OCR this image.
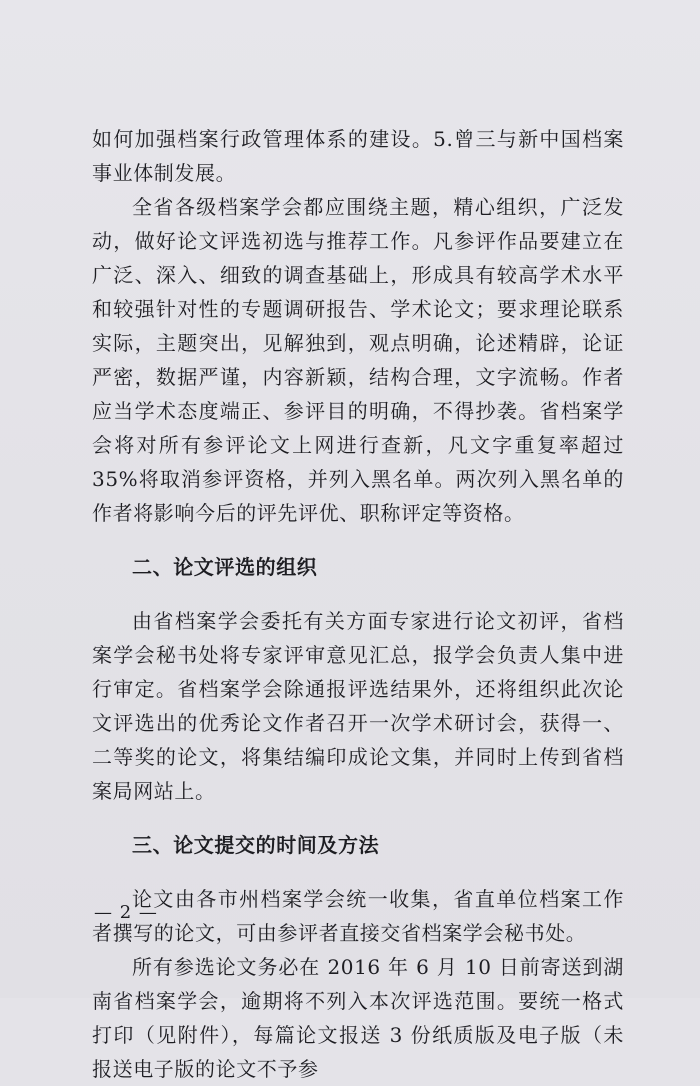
如何加强档案行政管理体系的建设。5.曾三与新中国档案事业体制发展。

全省各级档案学会都应围绕主题，精心组织，广泛发动，做好论文评选初选与推荐工作。凡参评作品要建立在广泛、深入、细致的调查基础上，形成具有较高学术水平和较强针对性的专题调研报告、学术论文；要求理论联系实际，主题突出，见解独到，观点明确，论述精辟，论证严密，数据严谨，内容新颖，结构合理，文字流畅。作者应当学术态度端正、参评目的明确，不得抄袭。省档案学会将对所有参评论文上网进行查新，凡文字重复率超过35%将取消参评资格，并列入黑名单。两次列入黑名单的作者将影响今后的评先评优、职称评定等资格。

二、论文评选的组织

由省档案学会委托有关方面专家进行论文初评，省档案学会秘书处将专家评审意见汇总，报学会负责人集中进行审定。省档案学会除通报评选结果外，还将组织此次论文评选出的优秀论文作者召开一次学术研讨会，获得一、二等奖的论文，将集结编印成论文集，并同时上传到省档案局网站上。

三、论文提交的时间及方法

论文由各市州档案学会统一收集，省直单位档案工作者撰写的论文，可由参评者直接交省档案学会秘书处。

所有参选论文务必在 2016 年 6 月 10 日前寄送到湖南省档案学会，逾期将不列入本次评选范围。要统一格式打印（见附件），每篇论文报送 3 份纸质版及电子版（未报送电子版的论文不予参

— 2 —
